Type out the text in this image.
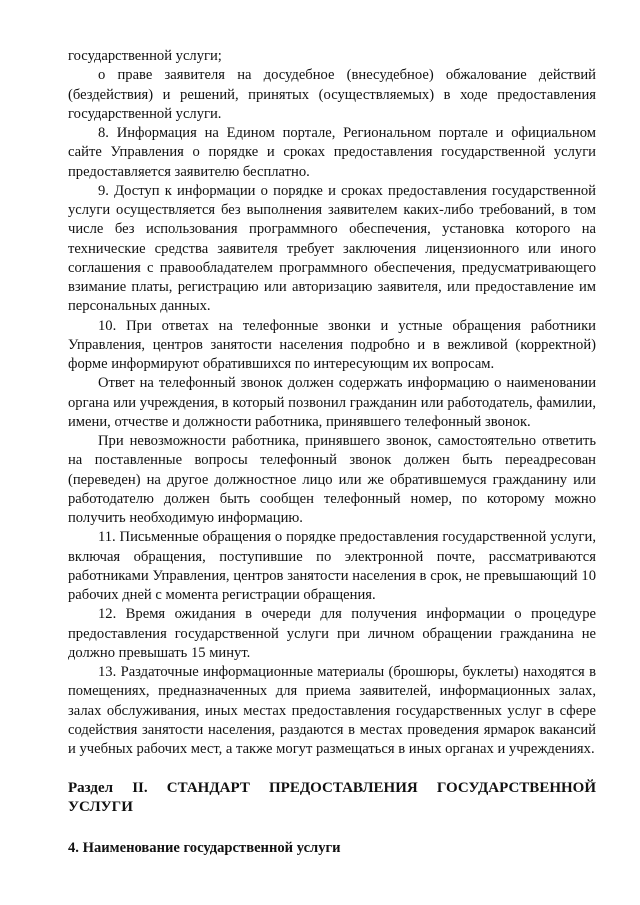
государственной услуги;

о праве заявителя на досудебное (внесудебное) обжалование действий (бездействия) и решений, принятых (осуществляемых) в ходе предоставления государственной услуги.

8. Информация на Едином портале, Региональном портале и официальном сайте Управления о порядке и сроках предоставления государственной услуги предоставляется заявителю бесплатно.

9. Доступ к информации о порядке и сроках предоставления государственной услуги осуществляется без выполнения заявителем каких-либо требований, в том числе без использования программного обеспечения, установка которого на технические средства заявителя требует заключения лицензионного или иного соглашения с правообладателем программного обеспечения, предусматривающего взимание платы, регистрацию или авторизацию заявителя, или предоставление им персональных данных.

10. При ответах на телефонные звонки и устные обращения работники Управления, центров занятости населения подробно и в вежливой (корректной) форме информируют обратившихся по интересующим их вопросам.

Ответ на телефонный звонок должен содержать информацию о наименовании органа или учреждения, в который позвонил гражданин или работодатель, фамилии, имени, отчестве и должности работника, принявшего телефонный звонок.

При невозможности работника, принявшего звонок, самостоятельно ответить на поставленные вопросы телефонный звонок должен быть переадресован (переведен) на другое должностное лицо или же обратившемуся гражданину или работодателю должен быть сообщен телефонный номер, по которому можно получить необходимую информацию.

11. Письменные обращения о порядке предоставления государственной услуги, включая обращения, поступившие по электронной почте, рассматриваются работниками Управления, центров занятости населения в срок, не превышающий 10 рабочих дней с момента регистрации обращения.

12. Время ожидания в очереди для получения информации о процедуре предоставления государственной услуги при личном обращении гражданина не должно превышать 15 минут.

13. Раздаточные информационные материалы (брошюры, буклеты) находятся в помещениях, предназначенных для приема заявителей, информационных залах, залах обслуживания, иных местах предоставления государственных услуг в сфере содействия занятости населения, раздаются в местах проведения ярмарок вакансий и учебных рабочих мест, а также могут размещаться в иных органах и учреждениях.

Раздел II. СТАНДАРТ ПРЕДОСТАВЛЕНИЯ ГОСУДАРСТВЕННОЙ УСЛУГИ

4. Наименование государственной услуги
